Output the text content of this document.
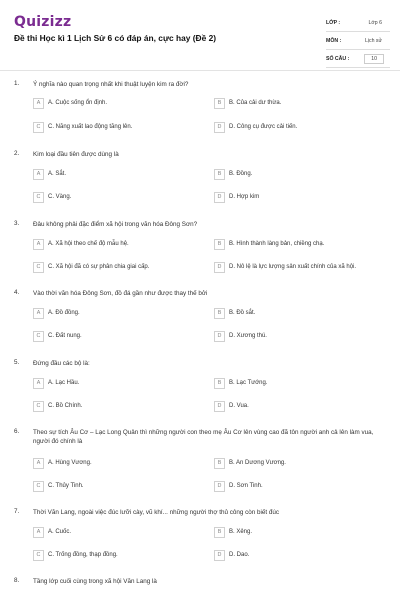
Quizizz
Đề thi Học kì 1 Lịch Sử 6 có đáp án, cực hay (Đề 2)
LỚP :	Lớp 6
MÔN :	Lịch sử
SỐ CÂU :	10
1. Ý nghĩa nào quan trọng nhất khi thuật luyện kim ra đời?
A	A. Cuộc sống ổn định.	B	B. Của cải dư thừa.
C	C. Năng xuất lao động tăng lên.	D	D. Công cụ được cải tiến.
2. Kim loại đầu tiên được dùng là
A	A. Sắt.	B	B. Đồng.
C	C. Vàng.	D	D. Hợp kim
3. Đâu không phải đặc điểm xã hội trong văn hóa Đông Sơn?
A	A. Xã hội theo chế độ mẫu hệ.	B	B. Hình thành làng bản, chiềng chạ.
C	C. Xã hội đã có sự phân chia giai cấp.	D	D. Nô lệ là lực lượng sản xuất chính của xã hội.
4. Vào thời văn hóa Đông Sơn, đồ đá gần như được thay thế bởi
A	A. Đồ đồng.	B	B. Đồ sắt.
C	C. Đất nung.	D	D. Xương thú.
5. Đứng đầu các bộ là:
A	A. Lạc Hầu.	B	B. Lạc Tướng.
C	C. Bồ Chính.	D	D. Vua.
6. Theo sự tích Âu Cơ – Lạc Long Quân thì những người con theo mẹ Âu Cơ lên vùng cao đã tôn người anh cả lên làm vua, người đó chính là
A	A. Hùng Vương.	B	B. An Dương Vương.
C	C. Thủy Tinh.	D	D. Sơn Tinh.
7. Thời Văn Lang, ngoài việc đúc lưỡi cày, vũ khí... những người thợ thủ công còn biết đúc
A	A. Cuốc.	B	B. Xẻng.
C	C. Trống đồng, thạp đồng.	D	D. Dao.
8. Tầng lớp cuối cùng trong xã hội Văn Lang là
